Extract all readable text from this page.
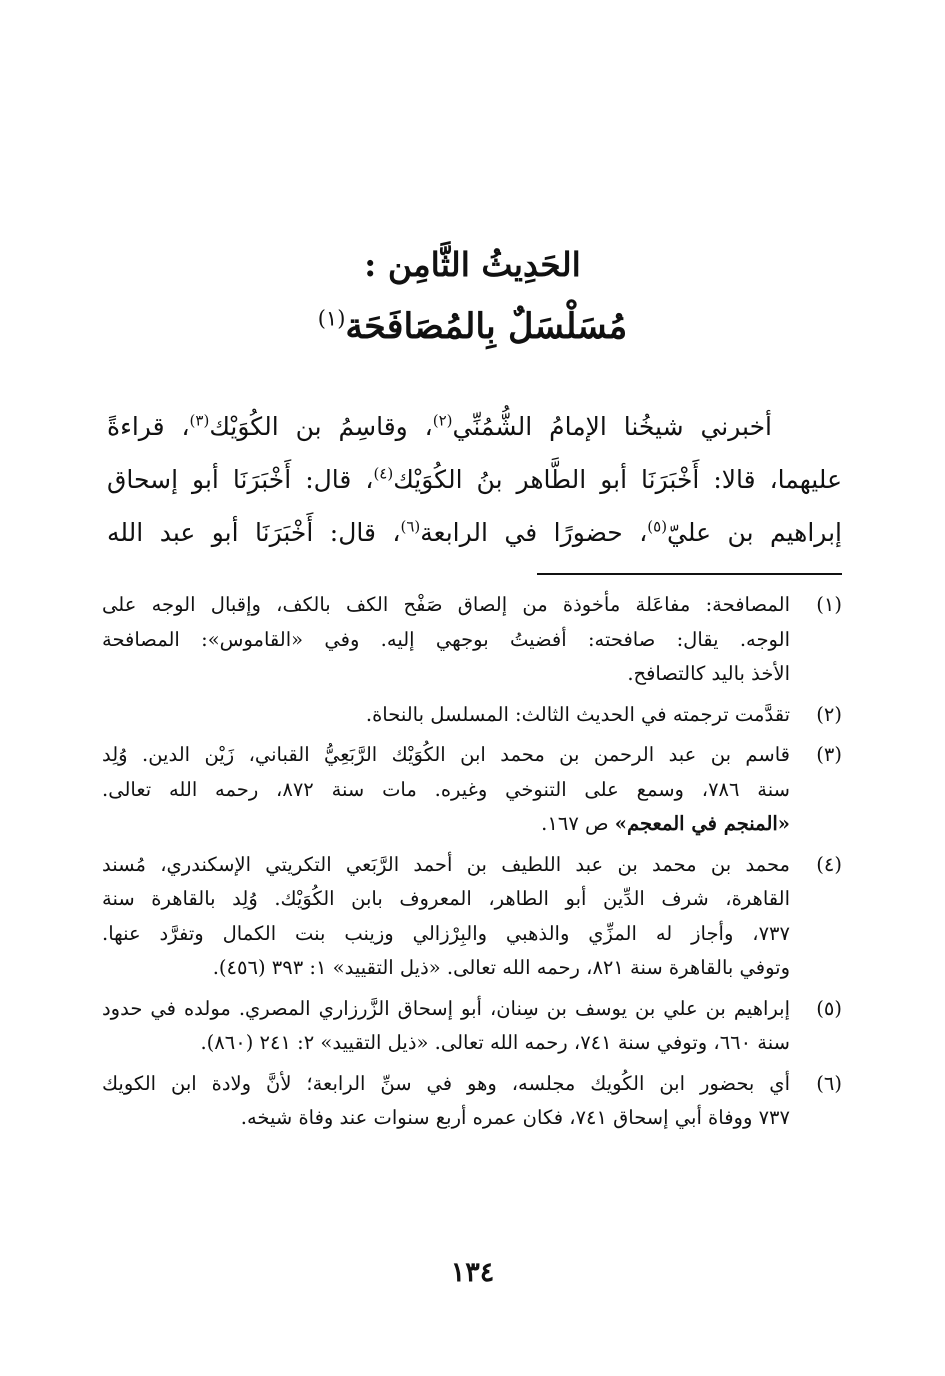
الحَدِيثُ الثَّامِن :
مُسَلْسَلٌ بِالمُصَافَحَة$^{(١)}$
أخبرني شيخُنا الإمامُ الشُّمُنِّي$^{(٢)}$، وقاسِمُ بن الكُوَيْك$^{(٣)}$، قراءةً
عليهما، قالا: أَخْبَرَنَا أبو الطَّاهر بنُ الكُوَيْك$^{(٤)}$، قال: أَخْبَرَنَا أبو إسحاق
إبراهيم بن عليّ$^{(٥)}$، حضورًا في الرابعة$^{(٦)}$، قال: أَخْبَرَنَا أبو عبد الله
(١)
المصافحة: مفاعَلة مأخوذة من إلصاق صَفْح الكف بالكف، وإقبال الوجه على
الوجه. يقال: صافحته: أفضيتُ بوجهي إليه. وفي «القاموس»: المصافحة
الأخذ باليد كالتصافح.
(٢)
تقدَّمت ترجمته في الحديث الثالث: المسلسل بالنحاة.
(٣)
قاسم بن عبد الرحمن بن محمد ابن الكُوَيْك الرَّبَعِيُّ القباني، زَيْن الدين. وُلِد
سنة ٧٨٦، وسمع على التنوخي وغيره. مات سنة ٨٧٢، رحمه الله تعالى.
«المنجم في المعجم» ص ١٦٧.
(٤)
محمد بن محمد بن عبد اللطيف بن أحمد الرَّبَعي التكريتي الإسكندري، مُسند
القاهرة، شرف الدِّين أبو الطاهر، المعروف بابن الكُوَيْك. وُلِد بالقاهرة سنة
٧٣٧، وأجاز له المزِّي والذهبي والبِرْزالي وزينب بنت الكمال وتفرَّد عنها.
وتوفي بالقاهرة سنة ٨٢١، رحمه الله تعالى. «ذيل التقييد» ١: ٣٩٣ (٤٥٦).
(٥)
إبراهيم بن علي بن يوسف بن سِنان، أبو إسحاق الزَّرزاري المصري. مولده في حدود
سنة ٦٦٠، وتوفي سنة ٧٤١، رحمه الله تعالى. «ذيل التقييد» ٢: ٢٤١ (٨٦٠).
(٦)
أي بحضور ابن الكُويك مجلسه، وهو في سنِّ الرابعة؛ لأنَّ ولادة ابن الكويك
٧٣٧ ووفاة أبي إسحاق ٧٤١، فكان عمره أربع سنوات عند وفاة شيخه.
١٣٤
